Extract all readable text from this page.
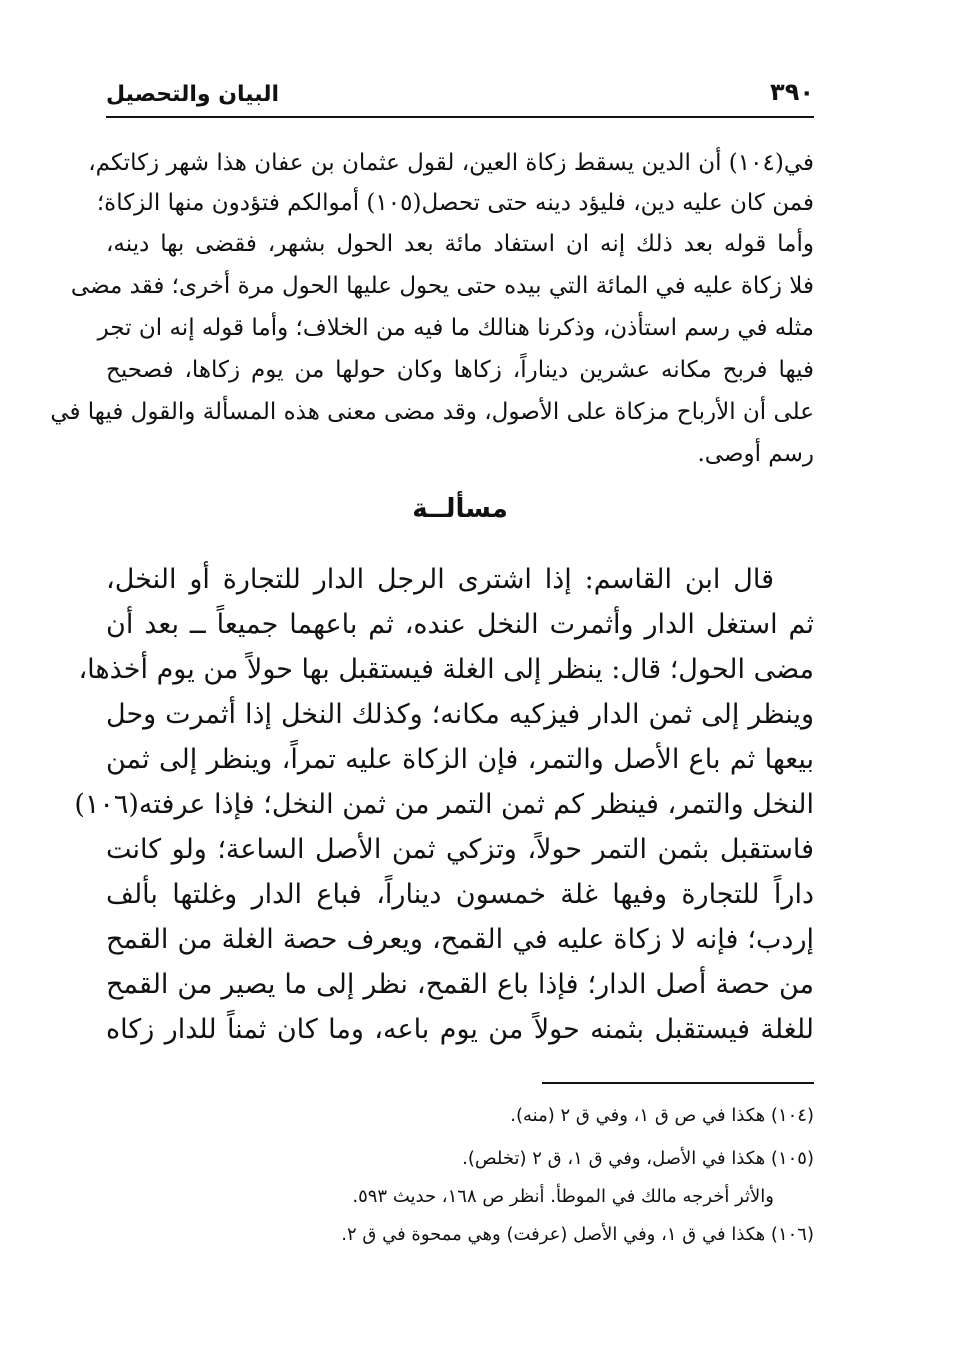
٣٩٠
البيان والتحصيل
في(١٠٤) أن الدين يسقط زكاة العين، لقول عثمان بن عفان هذا شهر زكاتكم،
فمن كان عليه دين، فليؤد دينه حتى تحصل(١٠٥) أموالكم فتؤدون منها الزكاة؛
وأما قوله بعد ذلك إنه ان استفاد مائة بعد الحول بشهر، فقضى بها دينه،
فلا زكاة عليه في المائة التي بيده حتى يحول عليها الحول مرة أخرى؛ فقد مضى
مثله في رسم استأذن، وذكرنا هنالك ما فيه من الخلاف؛ وأما قوله إنه ان تجر
فيها فربح مكانه عشرين ديناراً، زكاها وكان حولها من يوم زكاها، فصحيح
على أن الأرباح مزكاة على الأصول، وقد مضى معنى هذه المسألة والقول فيها في
رسم أوصى.
مسألــة
قال ابن القاسم: إذا اشترى الرجل الدار للتجارة أو النخل،
ثم استغل الدار وأثمرت النخل عنده، ثم باعهما جميعاً ــ بعد أن
مضى الحول؛ قال: ينظر إلى الغلة فيستقبل بها حولاً من يوم أخذها،
وينظر إلى ثمن الدار فيزكيه مكانه؛ وكذلك النخل إذا أثمرت وحل
بيعها ثم باع الأصل والتمر، فإن الزكاة عليه تمراً، وينظر إلى ثمن
النخل والتمر، فينظر كم ثمن التمر من ثمن النخل؛ فإذا عرفته(١٠٦)
فاستقبل بثمن التمر حولاً، وتزكي ثمن الأصل الساعة؛ ولو كانت
داراً للتجارة وفيها غلة خمسون ديناراً، فباع الدار وغلتها بألف
إردب؛ فإنه لا زكاة عليه في القمح، ويعرف حصة الغلة من القمح
من حصة أصل الدار؛ فإذا باع القمح، نظر إلى ما يصير من القمح
للغلة فيستقبل بثمنه حولاً من يوم باعه، وما كان ثمناً للدار زكاه
(١٠٤) هكذا في ص ق ١، وفي ق ٢ (منه).
(١٠٥) هكذا في الأصل، وفي ق ١، ق ٢ (تخلص).
والأثر أخرجه مالك في الموطأ. أنظر ص ١٦٨، حديث ٥٩٣.
(١٠٦) هكذا في ق ١، وفي الأصل (عرفت) وهي ممحوة في ق ٢.
